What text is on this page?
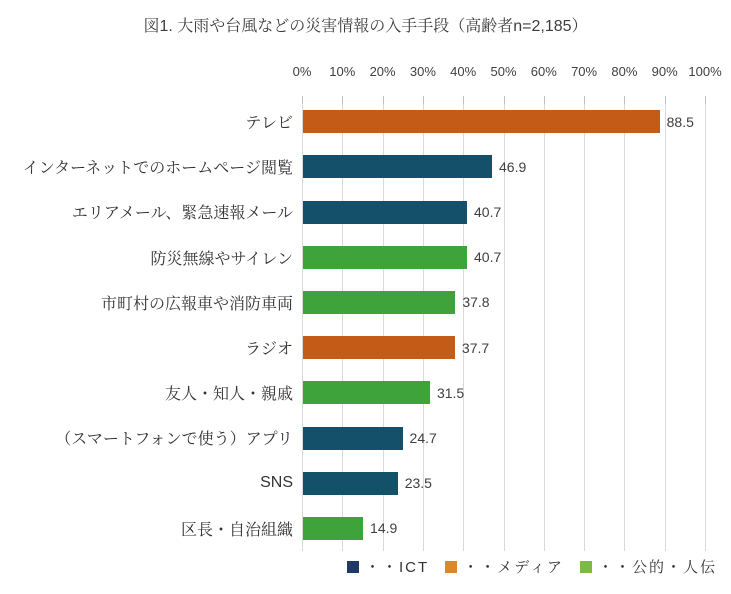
図1. 大雨や台風などの災害情報の入手手段（高齢者n=2,185）
・・ICT ・・メディア ・・公的・人伝
0% 10% 20% 30% 40% 50% 60% 70% 80% 90% 100%
テレビ	88.5
インターネットでのホームページ閲覧	46.9
エリアメール、緊急速報メール	40.7
防災無線やサイレン	40.7
市町村の広報車や消防車両	37.8
ラジオ	37.7
友人・知人・親戚	31.5
（スマートフォンで使う）アプリ	24.7
SNS	23.5
区長・自治組織	14.9
